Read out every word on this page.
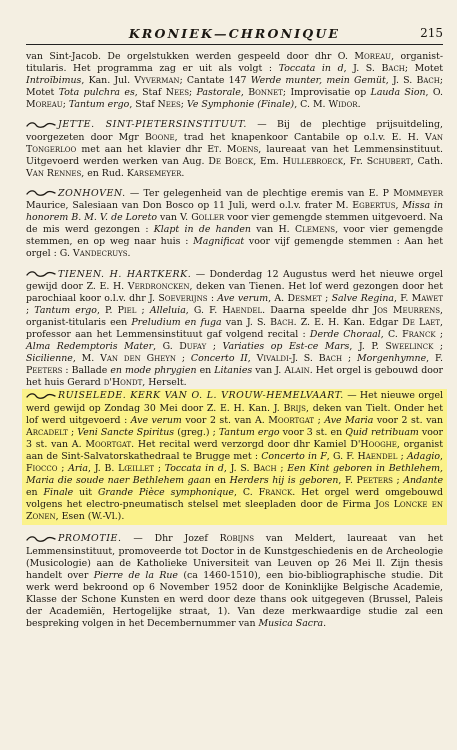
KRONIEK—CHRONIQUE	215

van Sint-Jacob. De orgelstukken werden gespeeld door dhr O. Moreau, organist-titularis. Het programma zag er uit als volgt : Toccata in d, J. S. Bach; Motet Introïbimus, Kan. Jul. Vyverman; Cantate 147 Werde munter, mein Gemüt, J. S. Bach; Motet Tota pulchra es, Staf Nees; Pastorale, Bonnet; Improvisatie op Lauda Sion, O. Moreau; Tantum ergo, Staf Nees; Ve Symphonie (Finale), C. M. Widor.

JETTE. SINT-PIETERSINSTITUUT. — Bij de plechtige prijsuitdeling, voorgezeten door Mgr Boone, trad het knapenkoor Cantabile op o.l.v. E. H. Van Tongerloo met aan het klavier dhr Et. Moens, laureaat van het Lemmensinstituut. Uitgevoerd werden werken van Aug. De Boeck, Em. Hullebroeck, Fr. Schubert, Cath. Van Rennes, en Rud. Karsemeyer.

ZONHOVEN. — Ter gelegenheid van de plechtige eremis van E. P Mommeyer Maurice, Salesiaan van Don Bosco op 11 Juli, werd o.l.v. frater M. Egbertus, Missa in honorem B. M. V. de Loreto van V. Goller voor vier gemengde stemmen uitgevoerd. Na de mis werd gezongen : Klapt in de handen van H. Clemens, voor vier gemengde stemmen, en op weg naar huis : Magnificat voor vijf gemengde stemmen : Aan het orgel : G. Vandecruys.

TIENEN. H. HARTKERK. — Donderdag 12 Augustus werd het nieuwe orgel gewijd door Z. E. H. Verdroncken, deken van Tienen. Het lof werd gezongen door het parochiaal koor o.l.v. dhr J. Soeverijns : Ave verum, A. Desmet ; Salve Regina, F. Mawet ; Tantum ergo, P. Piel ; Alleluia, G. F. Haendel. Daarna speelde dhr Jos Meurrens, organist-titularis een Preludium en fuga van J. S. Bach. Z. E. H. Kan. Edgar De Laet, professor aan het Lemmensinstituut gaf volgend recital : Derde Choraal, C. Franck ; Alma Redemptoris Mater, G. Dufay ; Variaties op Est-ce Mars, J. P. Sweelinck ; Sicilienne, M. Van den Gheyn ; Concerto II, Vivaldi-J. S. Bach ; Morgenhymne, F. Peeters : Ballade en mode phrygien en Litanies van J. Alain. Het orgel is gebouwd door het huis Gerard d'Hondt, Herselt.

RUISELEDE. KERK VAN O. L. VROUW-HEMELVAART. — Het nieuwe orgel werd gewijd op Zondag 30 Mei door Z. E. H. Kan. J. Brijs, deken van Tielt. Onder het lof werd uitgevoerd : Ave verum voor 2 st. van A. Moortgat ; Ave Maria voor 2 st. van Arcadelt ; Veni Sancte Spiritus (greg.) ; Tantum ergo voor 3 st. en Quid retribuam voor 3 st. van A. Moortgat. Het recital werd verzorgd door dhr Kamiel D'Hooghe, organist aan de Sint-Salvatorskathedraal te Brugge met : Concerto in F, G. F. Haendel ; Adagio, Fiocco ; Aria, J. B. Lœillet ; Toccata in d, J. S. Bach ; Een Kint geboren in Bethlehem, Maria die soude naer Bethlehem gaan en Herders hij is geboren, F. Peeters ; Andante en Finale uit Grande Pièce symphonique, C. Franck. Het orgel werd omgebouwd volgens het electro-pneumatisch stelsel met sleepladen door de Firma Jos Loncke en Zonen, Esen (W.-Vl.).

PROMOTIE. — Dhr Jozef Robijns van Meldert, laureaat van het Lemmensinstituut, promoveerde tot Doctor in de Kunstgeschiedenis en de Archeologie (Musicologie) aan de Katholieke Universiteit van Leuven op 26 Mei ll. Zijn thesis handelt over Pierre de la Rue (ca 1460-1510), een bio-bibliographische studie. Dit werk werd bekroond op 6 November 1952 door de Koninklijke Belgische Academie, Klasse der Schone Kunsten en werd door deze thans ook uitgegeven (Brussel, Paleis der Academiën, Hertogelijke straat, 1). Van deze merkwaardige studie zal een bespreking volgen in het Decembernummer van Musica Sacra.
